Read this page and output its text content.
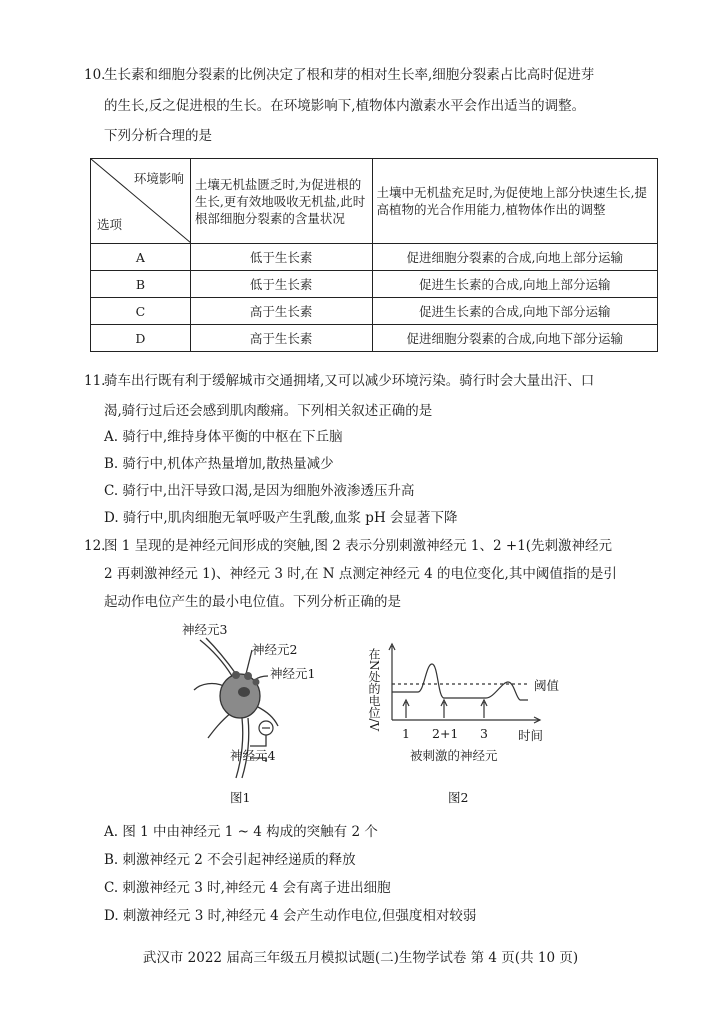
10.
生长素和细胞分裂素的比例决定了根和芽的相对生长率,细胞分裂素占比高时促进芽
的生长,反之促进根的生长。在环境影响下,植物体内激素水平会作出适当的调整。
下列分析合理的是
环境影响
选项	土壤无机盐匮乏时,为促进根的生长,更有效地吸收无机盐,此时根部细胞分裂素的含量状况	土壤中无机盐充足时,为促使地上部分快速生长,提高植物的光合作用能力,植物体作出的调整
A	低于生长素	促进细胞分裂素的合成,向地上部分运输
B	低于生长素	促进生长素的合成,向地上部分运输
C	高于生长素	促进生长素的合成,向地下部分运输
D	高于生长素	促进细胞分裂素的合成,向地下部分运输
11.
骑车出行既有利于缓解城市交通拥堵,又可以减少环境污染。骑行时会大量出汗、口
渴,骑行过后还会感到肌肉酸痛。下列相关叙述正确的是
A. 骑行中,维持身体平衡的中枢在下丘脑
B. 骑行中,机体产热量增加,散热量减少
C. 骑行中,出汗导致口渴,是因为细胞外液渗透压升高
D. 骑行中,肌肉细胞无氧呼吸产生乳酸,血浆 pH 会显著下降
12.
图 1 呈现的是神经元间形成的突触,图 2 表示分别刺激神经元 1、2 +1(先刺激神经元
2 再刺激神经元 1)、神经元 3 时,在 N 点测定神经元 4 的电位变化,其中阈值指的是引
起动作电位产生的最小电位值。下列分析正确的是
神经元3
神经元2
神经元1
神经元4
图1
在N处的电位/V	阈值
1 2+1 3 时间
被刺激的神经元
图2
A. 图 1 中由神经元 1 ~ 4 构成的突触有 2 个
B. 刺激神经元 2 不会引起神经递质的释放
C. 刺激神经元 3 时,神经元 4 会有离子进出细胞
D. 刺激神经元 3 时,神经元 4 会产生动作电位,但强度相对较弱
武汉市 2022 届高三年级五月模拟试题(二)生物学试卷 第 4 页(共 10 页)
